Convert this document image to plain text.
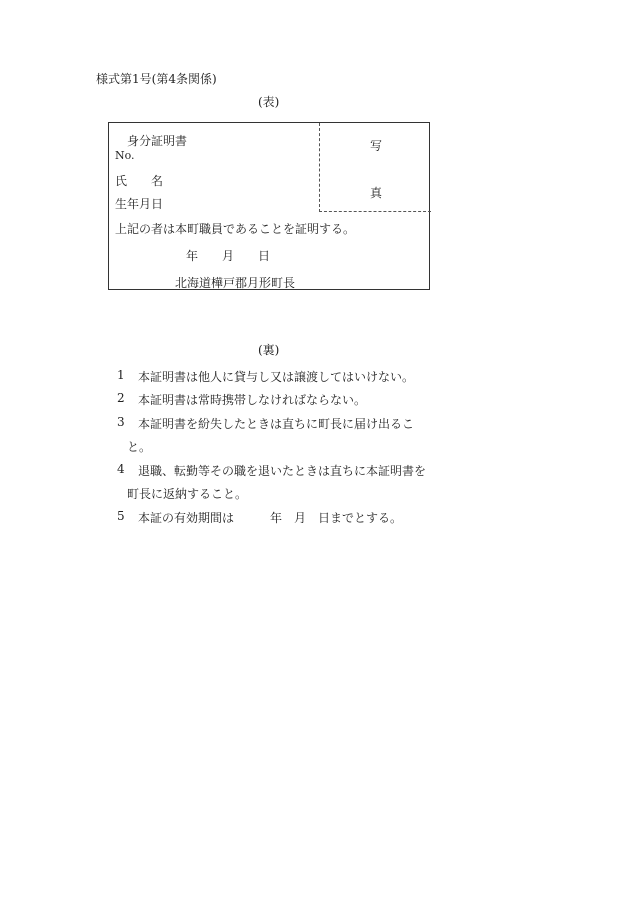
様式第1号(第4条関係)
(表)
身分証明書
No.
氏　　名
生年月日
写
真
上記の者は本町職員であることを証明する。
年　　月　　日
北海道樺戸郡月形町長
(裏)
1 本証明書は他人に貸与し又は譲渡してはいけない。
2 本証明書は常時携帯しなければならない。
3 本証明書を紛失したときは直ちに町長に届け出るこ
と。
4 退職、転勤等その職を退いたときは直ちに本証明書を
町長に返納すること。
5 本証の有効期間は　　　年　月　日までとする。
